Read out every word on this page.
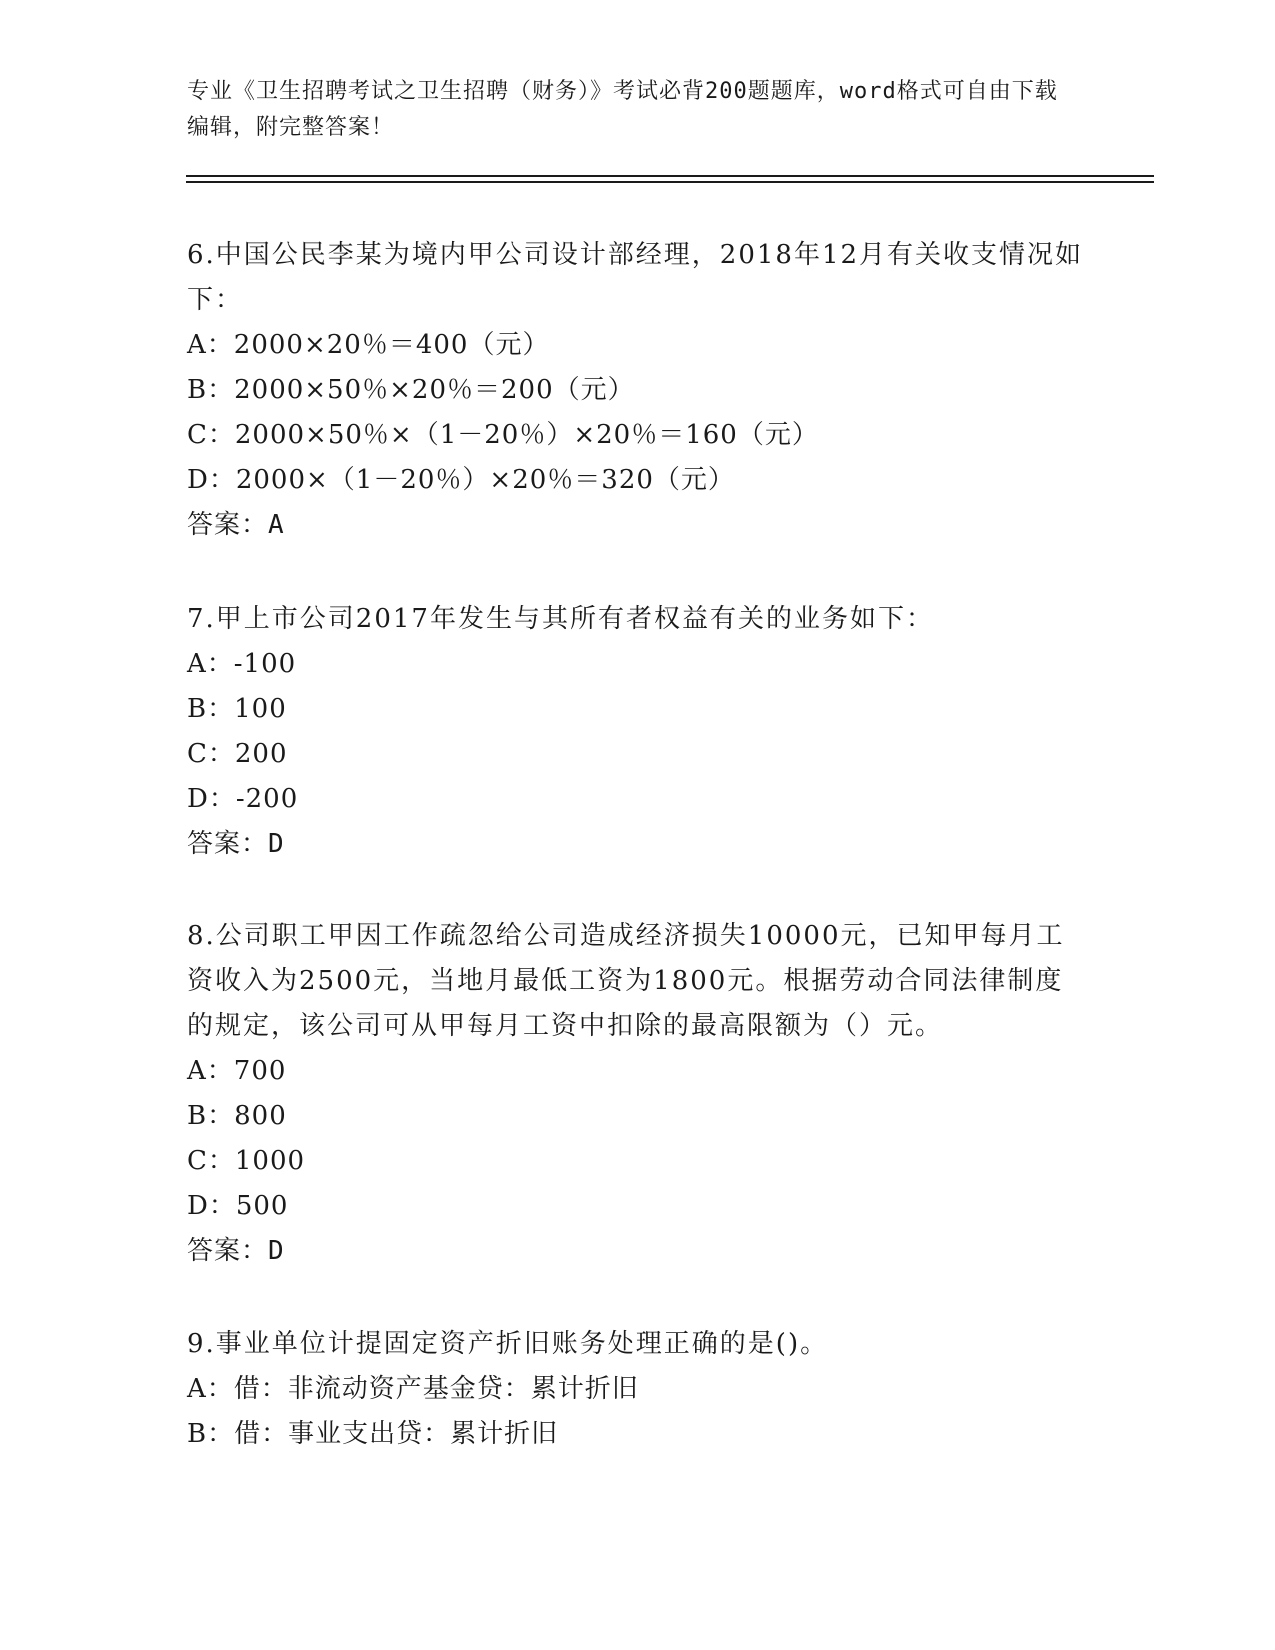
专业《卫生招聘考试之卫生招聘（财务）》考试必背200题题库，word格式可自由下载编辑，附完整答案！

6.中国公民李某为境内甲公司设计部经理，2018年12月有关收支情况如下：

A：2000×20％＝400（元）

B：2000×50％×20％＝200（元）

C：2000×50％×（1－20％）×20％＝160（元）

D：2000×（1－20％）×20％＝320（元）

答案：A

7.甲上市公司2017年发生与其所有者权益有关的业务如下：

A：-100

B：100

C：200

D：-200

答案：D

8.公司职工甲因工作疏忽给公司造成经济损失10000元，已知甲每月工资收入为2500元，当地月最低工资为1800元。根据劳动合同法律制度的规定，该公司可从甲每月工资中扣除的最高限额为（）元。

A：700

B：800

C：1000

D：500

答案：D

9.事业单位计提固定资产折旧账务处理正确的是()。

A：借：非流动资产基金贷：累计折旧

B：借：事业支出贷：累计折旧
